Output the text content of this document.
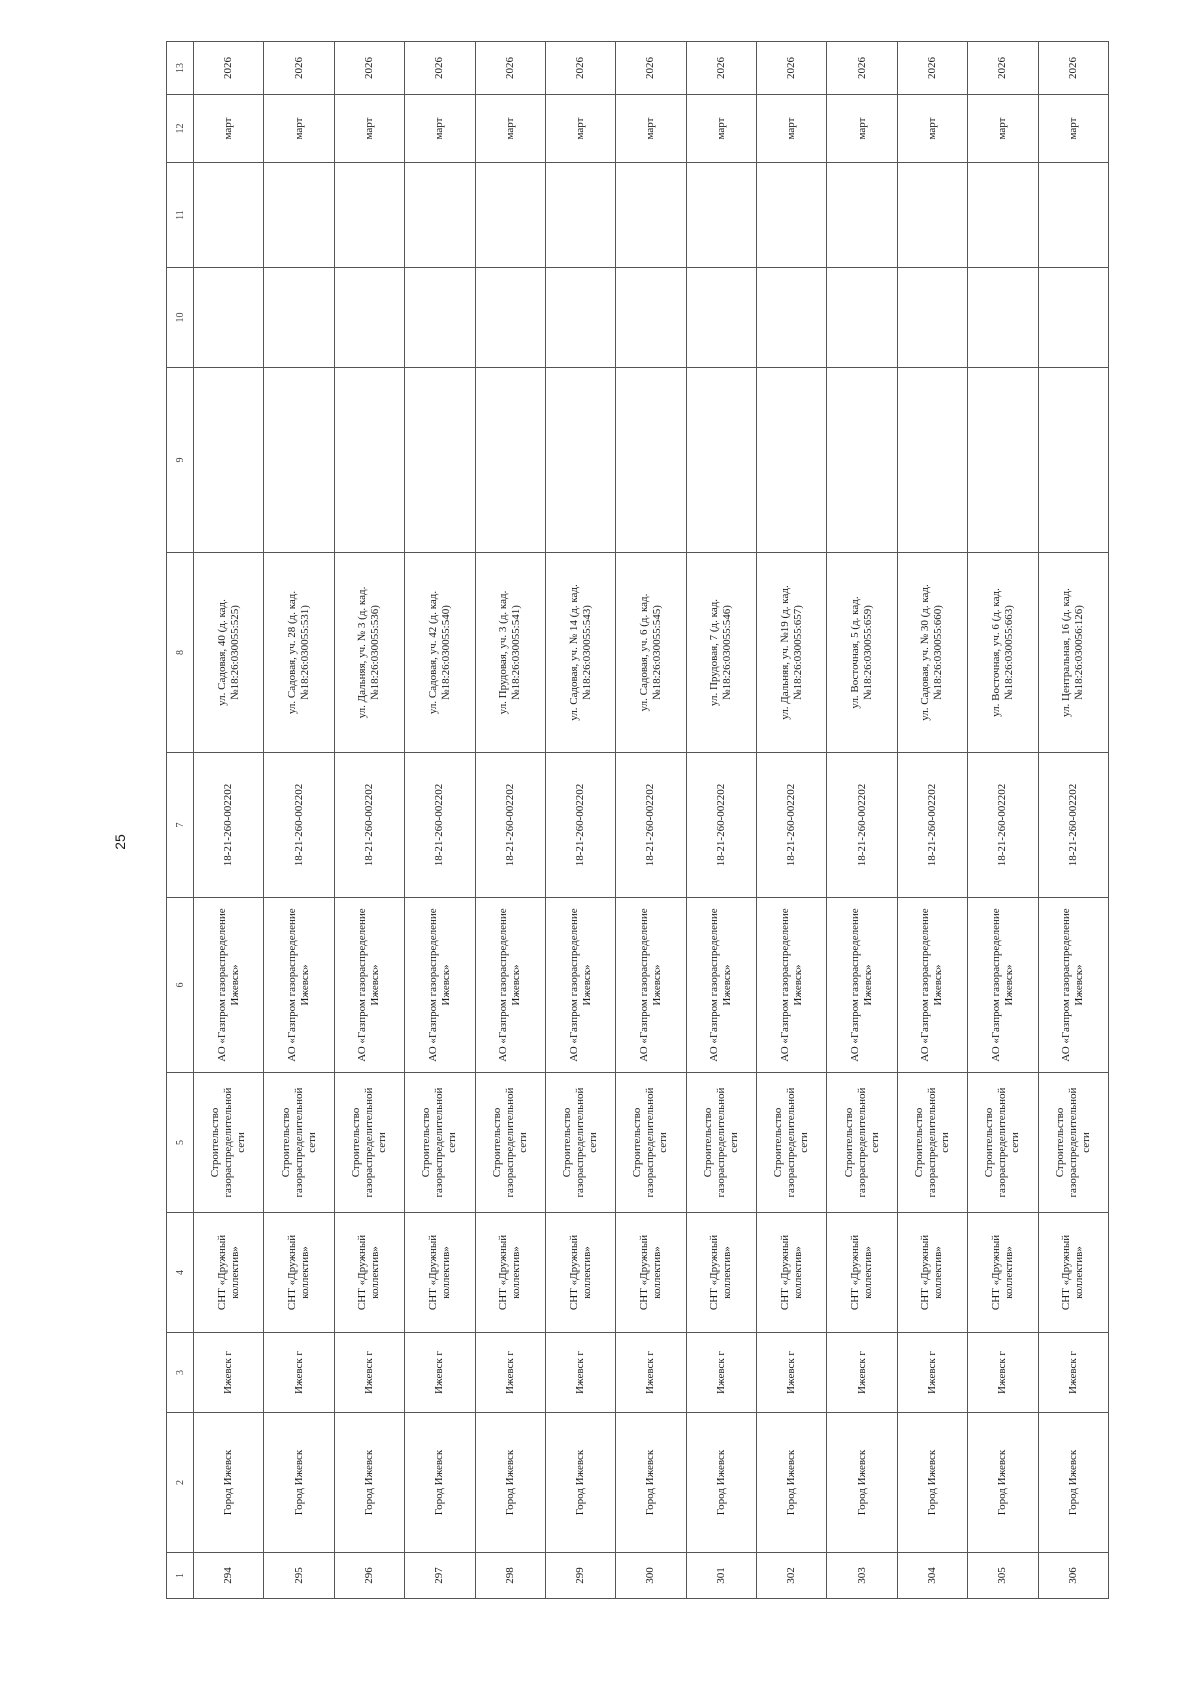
25
1	2	3	4	5	6	7	8	9	10	11	12	13
294	Город Ижевск	Ижевск г	СНТ «Дружный коллектив»	Строительство газораспределительной сети	АО «Газпром газораспределение Ижевск»	18-21-260-002202	ул. Садовая, 40 (д. кад.№18:26:030055:525)				март	2026
295	Город Ижевск	Ижевск г	СНТ «Дружный коллектив»	Строительство газораспределительной сети	АО «Газпром газораспределение Ижевск»	18-21-260-002202	ул. Садовая, уч. 28 (д. кад.№18:26:030055:531)				март	2026
296	Город Ижевск	Ижевск г	СНТ «Дружный коллектив»	Строительство газораспределительной сети	АО «Газпром газораспределение Ижевск»	18-21-260-002202	ул. Дальняя, уч. № 3 (д. кад.№18:26:030055:536)				март	2026
297	Город Ижевск	Ижевск г	СНТ «Дружный коллектив»	Строительство газораспределительной сети	АО «Газпром газораспределение Ижевск»	18-21-260-002202	ул. Садовая, уч. 42 (д. кад.№18:26:030055:540)				март	2026
298	Город Ижевск	Ижевск г	СНТ «Дружный коллектив»	Строительство газораспределительной сети	АО «Газпром газораспределение Ижевск»	18-21-260-002202	ул. Прудовая, уч. 3 (д. кад.№18:26:030055:541)				март	2026
299	Город Ижевск	Ижевск г	СНТ «Дружный коллектив»	Строительство газораспределительной сети	АО «Газпром газораспределение Ижевск»	18-21-260-002202	ул. Садовая, уч. № 14 (д. кад.№18:26:030055:543)				март	2026
300	Город Ижевск	Ижевск г	СНТ «Дружный коллектив»	Строительство газораспределительной сети	АО «Газпром газораспределение Ижевск»	18-21-260-002202	ул. Садовая, уч. 6 (д. кад.№18:26:030055:545)				март	2026
301	Город Ижевск	Ижевск г	СНТ «Дружный коллектив»	Строительство газораспределительной сети	АО «Газпром газораспределение Ижевск»	18-21-260-002202	ул. Прудовая, 7 (д. кад.№18:26:030055:546)				март	2026
302	Город Ижевск	Ижевск г	СНТ «Дружный коллектив»	Строительство газораспределительной сети	АО «Газпром газораспределение Ижевск»	18-21-260-002202	ул. Дальняя, уч. №19 (д. кад.№18:26:030055:657)				март	2026
303	Город Ижевск	Ижевск г	СНТ «Дружный коллектив»	Строительство газораспределительной сети	АО «Газпром газораспределение Ижевск»	18-21-260-002202	ул. Восточная, 5 (д. кад.№18:26:030055:659)				март	2026
304	Город Ижевск	Ижевск г	СНТ «Дружный коллектив»	Строительство газораспределительной сети	АО «Газпром газораспределение Ижевск»	18-21-260-002202	ул. Садовая, уч. № 30 (д. кад.№18:26:030055:660)				март	2026
305	Город Ижевск	Ижевск г	СНТ «Дружный коллектив»	Строительство газораспределительной сети	АО «Газпром газораспределение Ижевск»	18-21-260-002202	ул. Восточная, уч. 6 (д. кад.№18:26:030055:663)				март	2026
306	Город Ижевск	Ижевск г	СНТ «Дружный коллектив»	Строительство газораспределительной сети	АО «Газпром газораспределение Ижевск»	18-21-260-002202	ул. Центральная, 16 (д. кад.№18:26:030056:126)				март	2026
